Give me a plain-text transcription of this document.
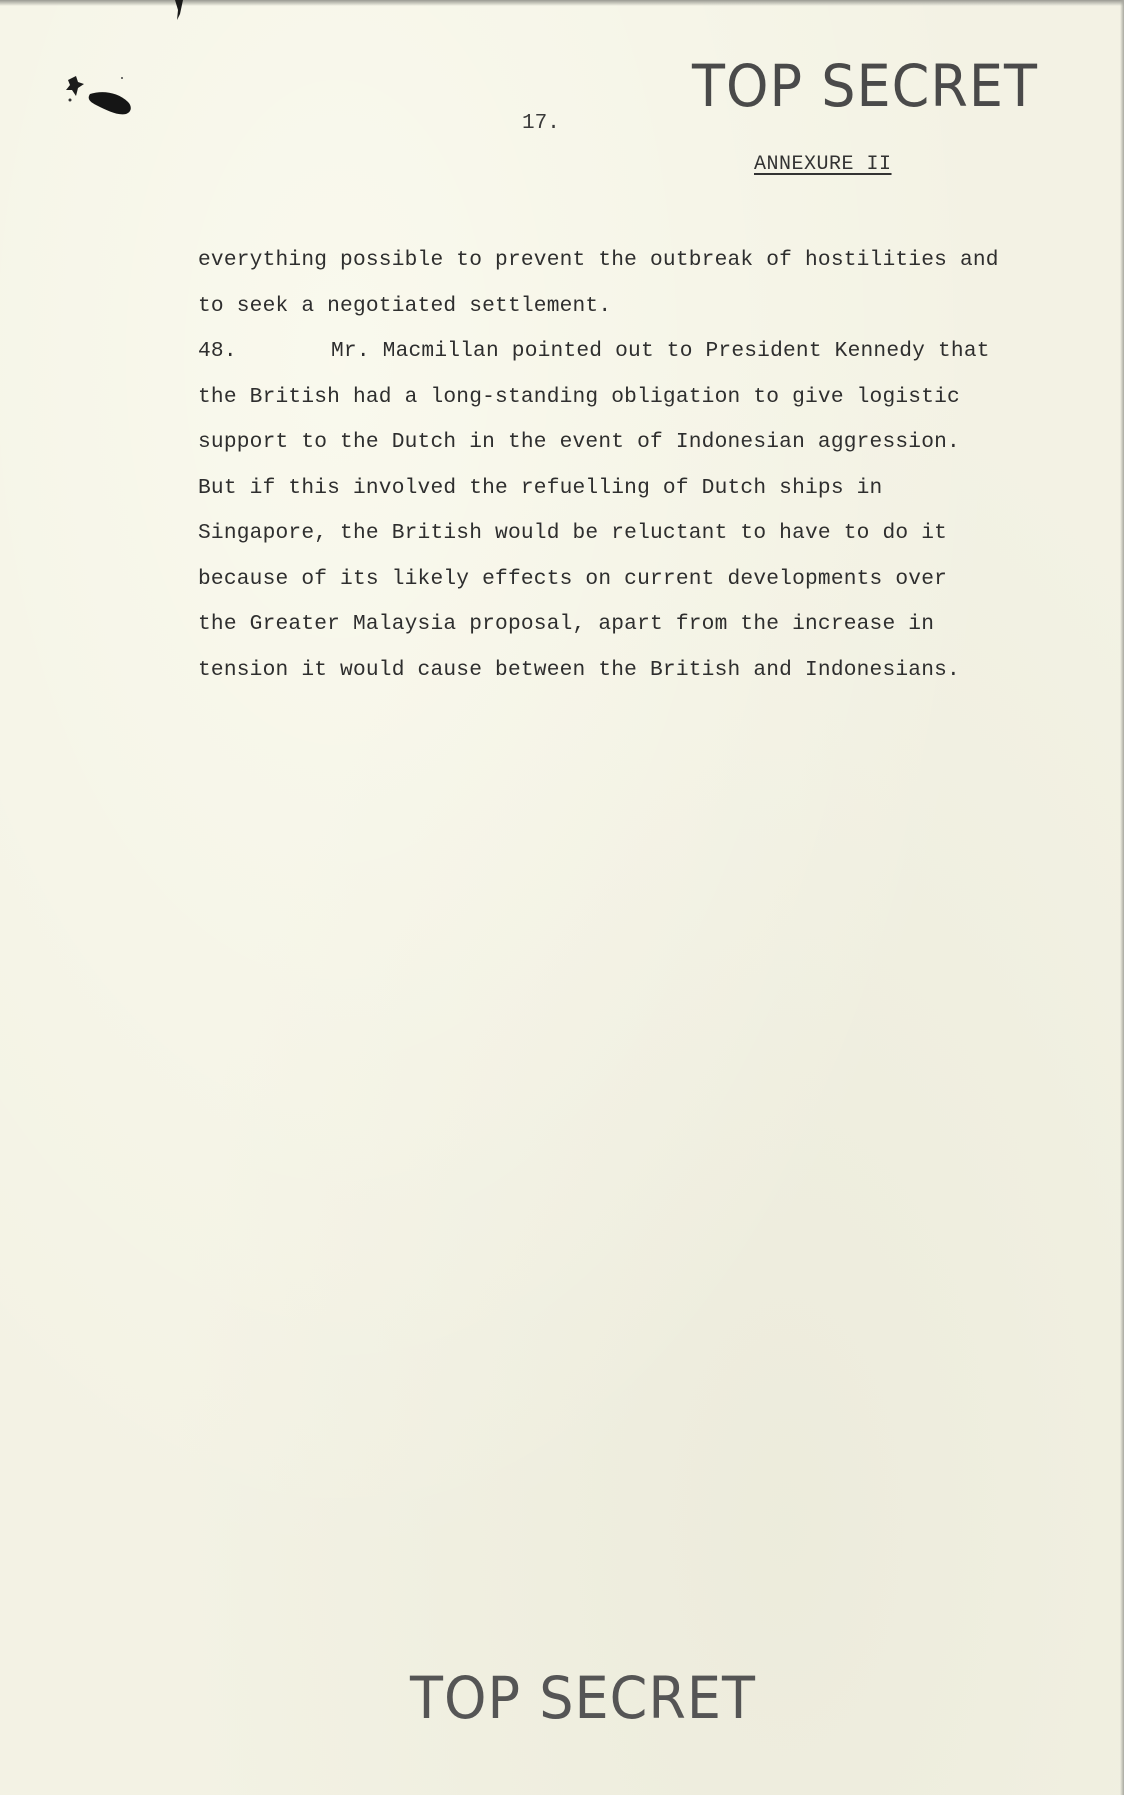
TOP SECRET
17.
ANNEXURE II
everything possible to prevent the outbreak of hostilities and
to seek a negotiated settlement.
48.	Mr. Macmillan pointed out to President Kennedy that
the British had a long-standing obligation to give logistic
support to the Dutch in the event of Indonesian aggression.
But if this involved the refuelling of Dutch ships in
Singapore, the British would be reluctant to have to do it
because of its likely effects on current developments over
the Greater Malaysia proposal, apart from the increase in
tension it would cause between the British and Indonesians.
TOP SECRET
